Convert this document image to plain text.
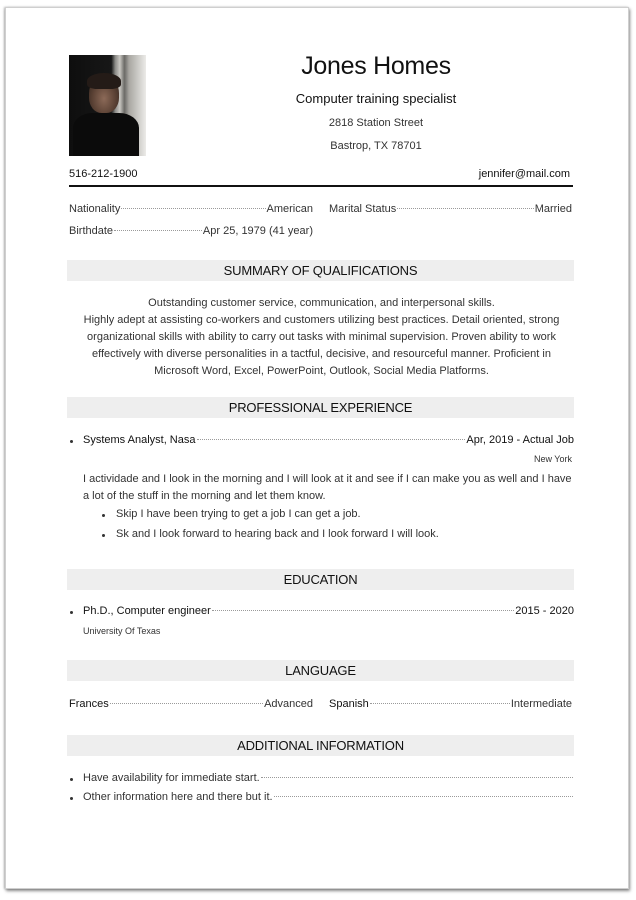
Jones Homes
Computer training specialist
2818 Station Street
Bastrop, TX 78701
516-212-1900	jennifer@mail.com
Nationality	American Marital Status	Married
Birthdate	Apr 25, 1979 (41 year)
SUMMARY OF QUALIFICATIONS
Outstanding customer service, communication, and interpersonal skills.
Highly adept at assisting co-workers and customers utilizing best practices. Detail oriented, strong organizational skills with ability to carry out tasks with minimal supervision. Proven ability to work effectively with diverse personalities in a tactful, decisive, and resourceful manner. Proficient in Microsoft Word, Excel, PowerPoint, Outlook, Social Media Platforms.
PROFESSIONAL EXPERIENCE
Systems Analyst, Nasa	Apr, 2019 - Actual Job
New York
I actividade and I look in the morning and I will look at it and see if I can make you as well and I have a lot of the stuff in the morning and let them know.
Skip I have been trying to get a job I can get a job.
Sk and I look forward to hearing back and I look forward I will look.
EDUCATION
Ph.D., Computer engineer	2015 - 2020
University Of Texas
LANGUAGE
Frances	Advanced Spanish	Intermediate
ADDITIONAL INFORMATION
Have availability for immediate start.
Other information here and there but it.
